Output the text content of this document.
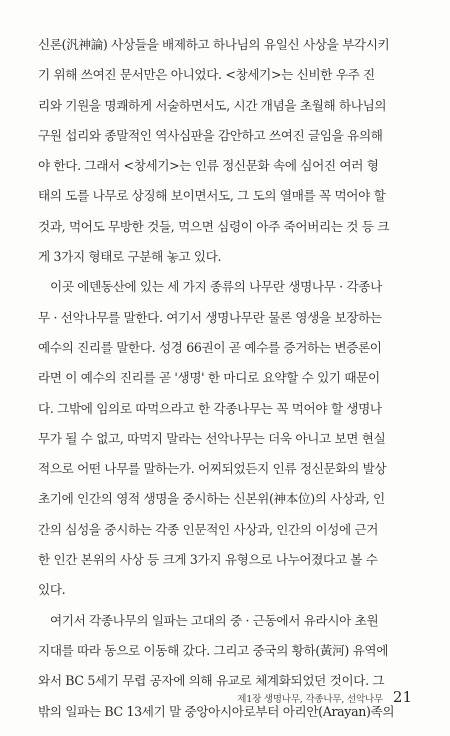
신론(汎神論) 사상들을 배제하고 하나님의 유일신 사상을 부각시키
기 위해 쓰여진 문서만은 아니었다. <창세기>는 신비한 우주 진
리와 기원을 명쾌하게 서술하면서도, 시간 개념을 초월해 하나님의
구원 섭리와 종말적인 역사심판을 감안하고 쓰여진 글임을 유의해
야 한다. 그래서 <창세기>는 인류 정신문화 속에 심어진 여러 형
태의 도를 나무로 상징해 보이면서도, 그 도의 열매를 꼭 먹어야 할
것과, 먹어도 무방한 것들, 먹으면 심령이 아주 죽어버리는 것 등 크
게 3가지 형태로 구분해 놓고 있다.

이곳 에덴동산에 있는 세 가지 종류의 나무란 생명나무 · 각종나
무 · 선악나무를 말한다. 여기서 생명나무란 물론 영생을 보장하는
예수의 진리를 말한다. 성경 66권이 곧 예수를 증거하는 변증론이
라면 이 예수의 진리를 곧 '생명' 한 마디로 요약할 수 있기 때문이
다. 그밖에 임의로 따먹으라고 한 각종나무는 꼭 먹어야 할 생명나
무가 될 수 없고, 따먹지 말라는 선악나무는 더욱 아니고 보면 현실
적으로 어떤 나무를 말하는가. 어찌되었든지 인류 정신문화의 발상
초기에 인간의 영적 생명을 중시하는 신본위(神本位)의 사상과, 인
간의 심성을 중시하는 각종 인문적인 사상과, 인간의 이성에 근거
한 인간 본위의 사상 등 크게 3가지 유형으로 나누어졌다고 볼 수
있다.

여기서 각종나무의 일파는 고대의 중 · 근동에서 유라시아 초원
지대를 따라 동으로 이동해 갔다. 그리고 중국의 황하(黃河) 유역에
와서 BC 5세기 무렵 공자에 의해 유교로 체계화되었던 것이다. 그
밖의 일파는 BC 13세기 말 중앙아시아로부터 아리안(Arayan)족의

제1장 생명나무, 각종나무, 선악나무 21
